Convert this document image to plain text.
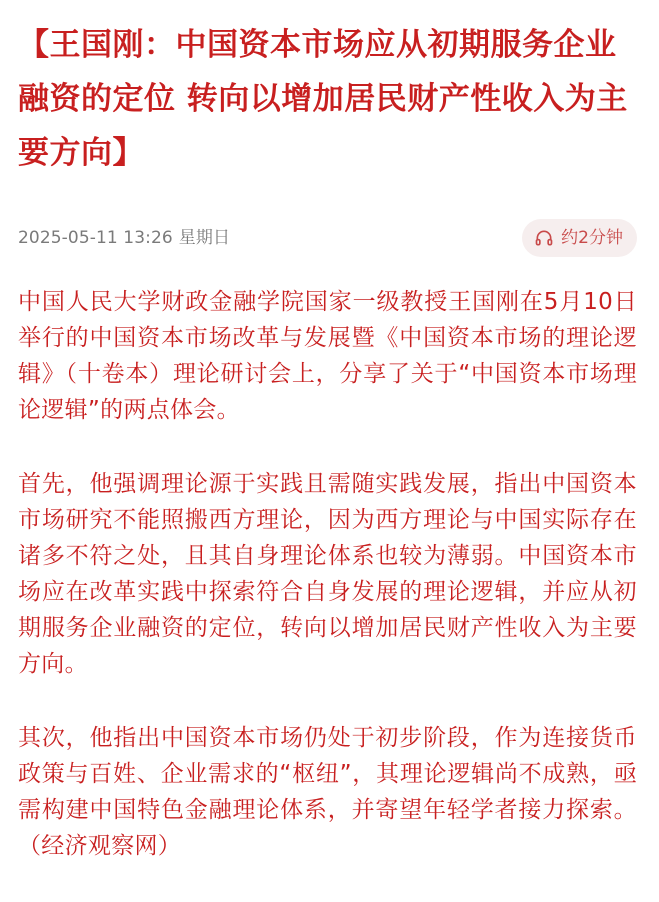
【王国刚：中国资本市场应从初期服务企业融资的定位 转向以增加居民财产性收入为主要方向】
2025-05-11 13:26 星期日	约2分钟

中国人民大学财政金融学院国家一级教授王国刚在5月10日举行的中国资本市场改革与发展暨《中国资本市场的理论逻辑》（十卷本）理论研讨会上，分享了关于“中国资本市场理论逻辑”的两点体会。

首先，他强调理论源于实践且需随实践发展，指出中国资本市场研究不能照搬西方理论，因为西方理论与中国实际存在诸多不符之处，且其自身理论体系也较为薄弱。中国资本市场应在改革实践中探索符合自身发展的理论逻辑，并应从初期服务企业融资的定位，转向以增加居民财产性收入为主要方向。

其次，他指出中国资本市场仍处于初步阶段，作为连接货币政策与百姓、企业需求的“枢纽”，其理论逻辑尚不成熟，亟需构建中国特色金融理论体系，并寄望年轻学者接力探索。（经济观察网）
